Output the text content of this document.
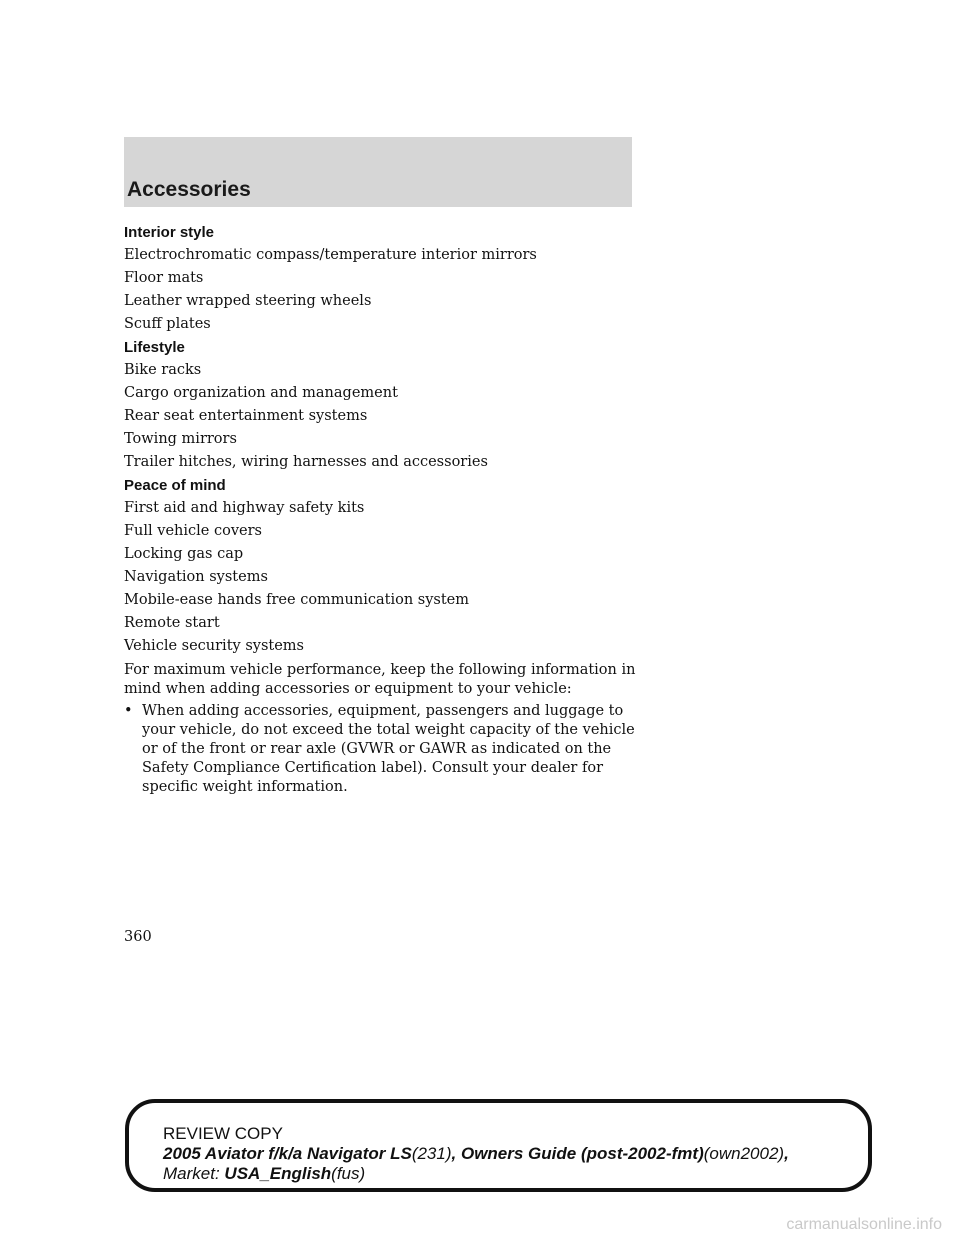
Accessories
Interior style
Electrochromatic compass/temperature interior mirrors
Floor mats
Leather wrapped steering wheels
Scuff plates
Lifestyle
Bike racks
Cargo organization and management
Rear seat entertainment systems
Towing mirrors
Trailer hitches, wiring harnesses and accessories
Peace of mind
First aid and highway safety kits
Full vehicle covers
Locking gas cap
Navigation systems
Mobile-ease hands free communication system
Remote start
Vehicle security systems
For maximum vehicle performance, keep the following information in mind when adding accessories or equipment to your vehicle:
• When adding accessories, equipment, passengers and luggage to your vehicle, do not exceed the total weight capacity of the vehicle or of the front or rear axle (GVWR or GAWR as indicated on the Safety Compliance Certification label). Consult your dealer for specific weight information.
360
REVIEW COPY
2005 Aviator f/k/a Navigator LS(231), Owners Guide (post-2002-fmt)(own2002),
Market: USA_English(fus)
carmanualsonline.info
